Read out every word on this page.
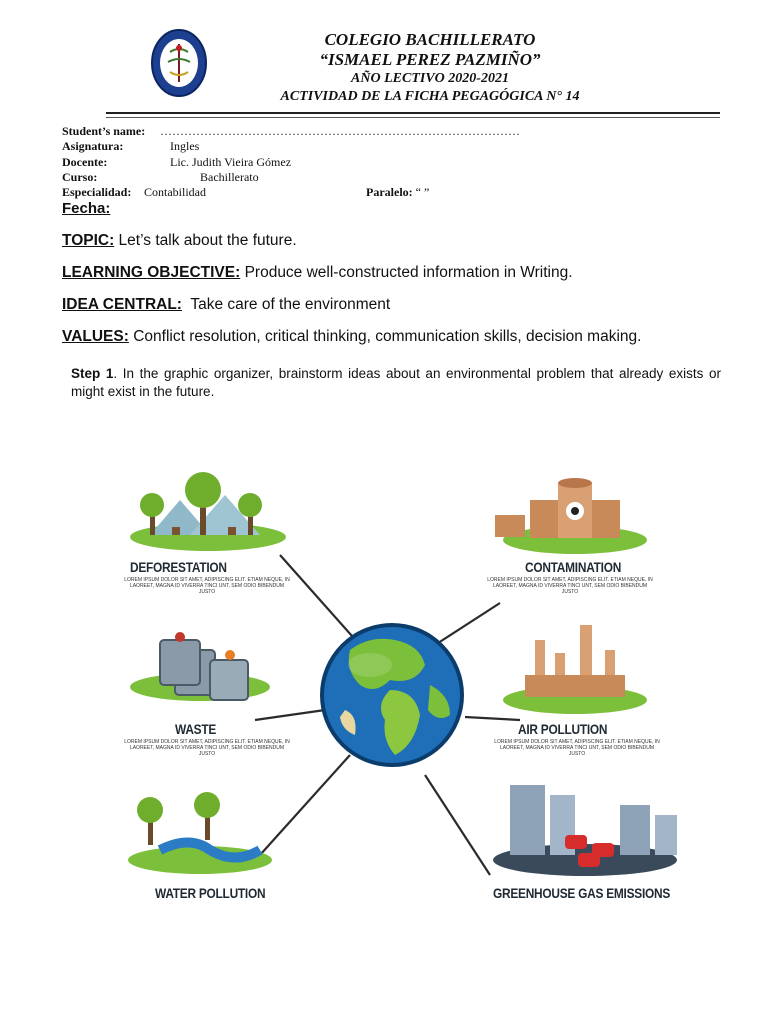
COLEGIO BACHILLERATO
“ISMAEL PEREZ PAZMIÑO”
AÑO LECTIVO 2020-2021
ACTIVIDAD DE LA FICHA PEGAGÓGICA N° 14
Student’s name: ………………………………………………………………………………
Asignatura:	Ingles
Docente:	Lic. Judith Vieira Gómez
Curso:	Bachillerato
Especialidad: Contabilidad	Paralelo: “ ”
Fecha:
TOPIC: Let’s talk about the future.
LEARNING OBJECTIVE: Produce well-constructed information in Writing.
IDEA CENTRAL:  Take care of the environment
VALUES: Conflict resolution, critical thinking, communication skills, decision making.
Step 1. In the graphic organizer, brainstorm ideas about an environmental problem that already exists or might exist in the future.
DEFORESTATION
LOREM IPSUM DOLOR SIT AMET, ADIPISCING ELIT. ETIAM NEQUE, IN LAOREET, MAGNA ID VIVERRA TINCI UNT, SEM ODIO BIBENDUM JUSTO
CONTAMINATION
LOREM IPSUM DOLOR SIT AMET, ADIPISCING ELIT. ETIAM NEQUE, IN LAOREET, MAGNA ID VIVERRA TINCI UNT, SEM ODIO BIBENDUM JUSTO
WASTE
LOREM IPSUM DOLOR SIT AMET, ADIPISCING ELIT. ETIAM NEQUE, IN LAOREET, MAGNA ID VIVERRA TINCI UNT, SEM ODIO BIBENDUM JUSTO
AIR POLLUTION
LOREM IPSUM DOLOR SIT AMET, ADIPISCING ELIT. ETIAM NEQUE, IN LAOREET, MAGNA ID VIVERRA TINCI UNT, SEM ODIO BIBENDUM JUSTO
WATER POLLUTION	GREENHOUSE GAS EMISSIONS
